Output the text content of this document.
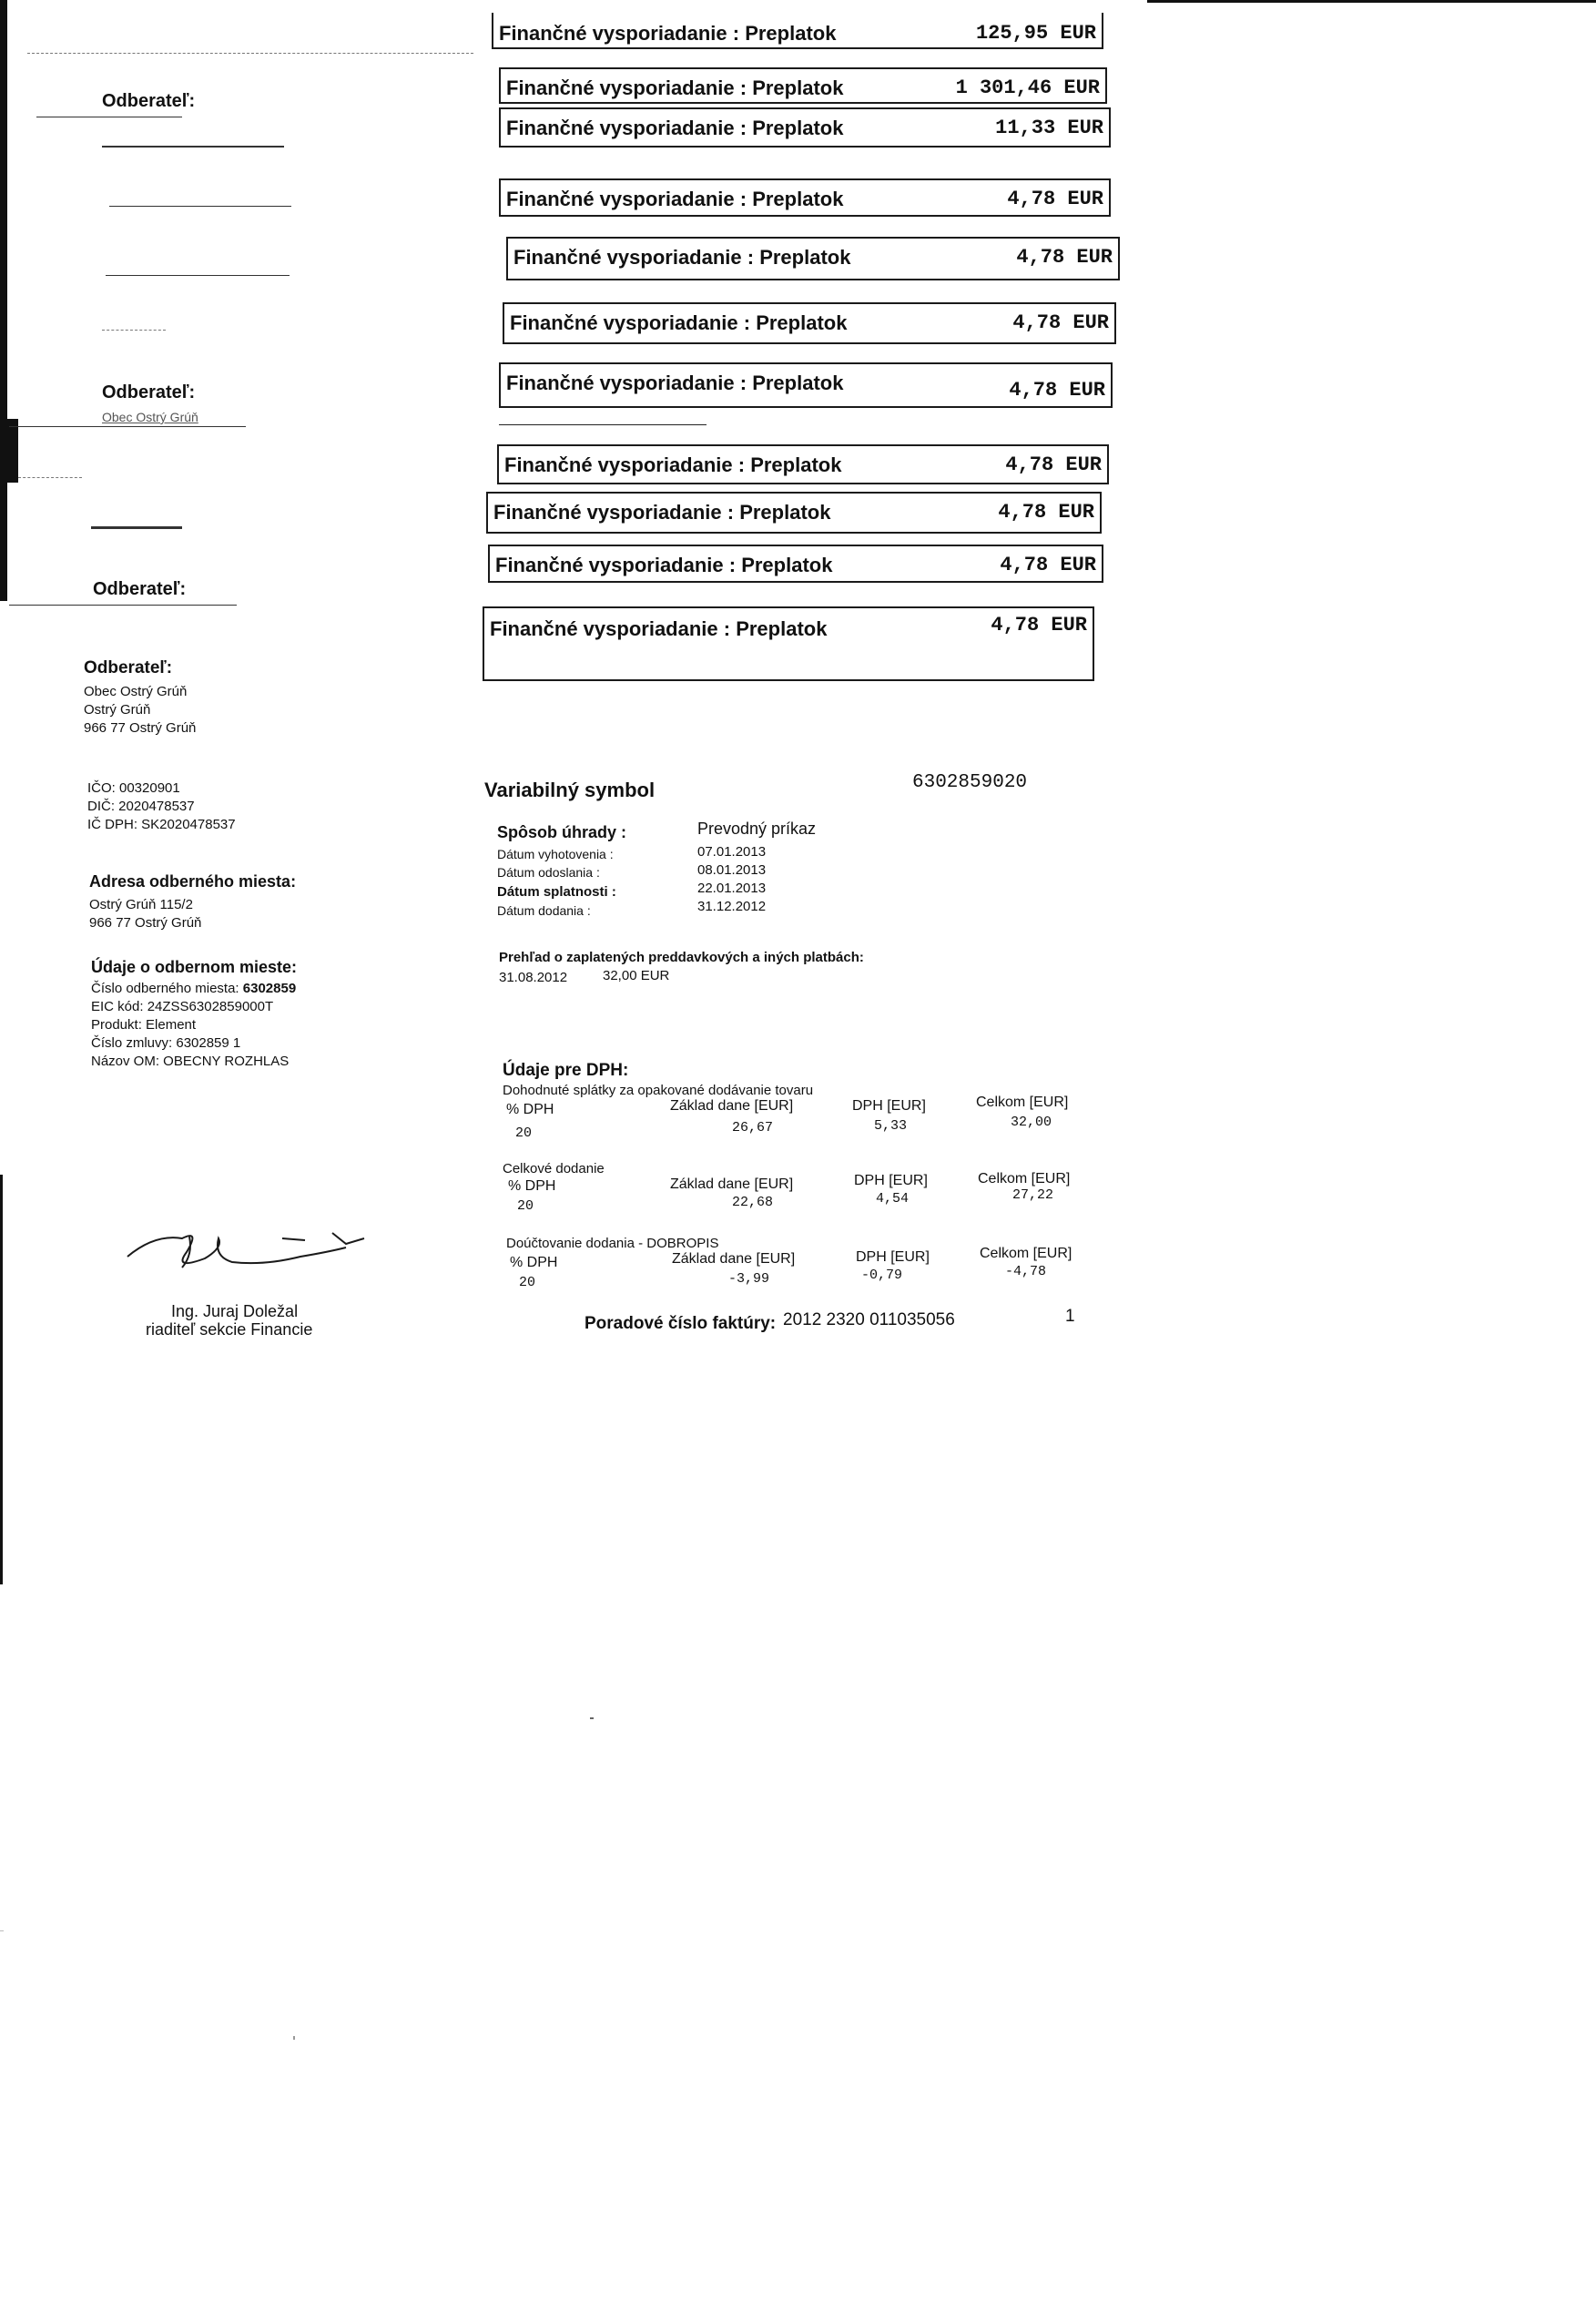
Finančné vysporiadanie : Preplatok	125,95 EUR
Finančné vysporiadanie : Preplatok	1 301,46 EUR
Finančné vysporiadanie : Preplatok	11,33 EUR
Finančné vysporiadanie : Preplatok	4,78 EUR
Finančné vysporiadanie : Preplatok	4,78 EUR
Finančné vysporiadanie : Preplatok	4,78 EUR
Finančné vysporiadanie : Preplatok	4,78 EUR
Finančné vysporiadanie : Preplatok	4,78 EUR
Finančné vysporiadanie : Preplatok	4,78 EUR
Finančné vysporiadanie : Preplatok	4,78 EUR
Finančné vysporiadanie : Preplatok	4,78 EUR
Odberateľ:
Odberateľ:
Obec Ostrý Grúň
Odberateľ:
Odberateľ:
Obec Ostrý Grúň
Ostrý Grúň
966 77 Ostrý Grúň
IČO: 00320901
DIČ: 2020478537
IČ DPH: SK2020478537
Adresa odberného miesta:
Ostrý Grúň 115/2
966 77 Ostrý Grúň
Údaje o odbernom mieste:
Číslo odberného miesta: 6302859
EIC kód: 24ZSS6302859000T
Produkt: Element
Číslo zmluvy: 6302859 1
Názov OM: OBECNY ROZHLAS
Ing. Juraj Doležal
riaditeľ sekcie Financie
Variabilný symbol	6302859020
Spôsob úhrady :	Prevodný príkaz
Dátum vyhotovenia :	07.01.2013
Dátum odoslania :	08.01.2013
Dátum splatnosti :	22.01.2013
Dátum dodania :	31.12.2012
Prehľad o zaplatených preddavkových a iných platbách:
31.08.2012	32,00 EUR
Údaje pre DPH:
Dohodnuté splátky za opakované dodávanie tovaru
% DPH	Základ dane [EUR]	DPH [EUR]	Celkom [EUR]
20	26,67	5,33	32,00
Celkové dodanie
% DPH	Základ dane [EUR]	DPH [EUR]	Celkom [EUR]
20	22,68	4,54	27,22
Doúčtovanie dodania - DOBROPIS
% DPH	Základ dane [EUR]	DPH [EUR]	Celkom [EUR]
20	-3,99	-0,79	-4,78
Poradové číslo faktúry: 2012 2320 011035056	1
